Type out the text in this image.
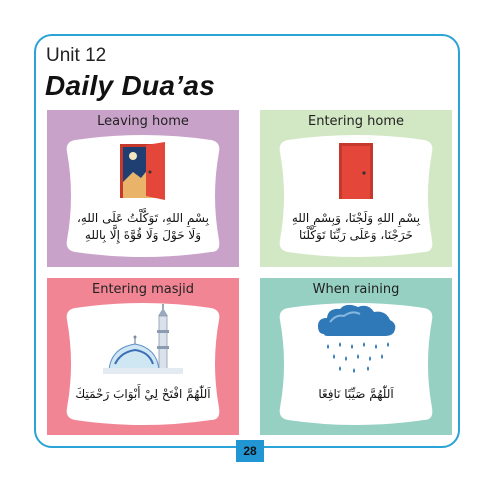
Unit 12
Daily Dua’as
Leaving home
بِسْمِ اللهِ، تَوَكَّلْتُ عَلَى اللهِ،
وَلَا حَوْلَ وَلَا قُوَّةَ إِلَّا بِاللهِ
Entering home
بِسْمِ اللهِ وَلَجْنَا، وَبِسْمِ اللهِ
خَرَجْنَا، وَعَلَى رَبِّنَا تَوَكَّلْنَا
Entering masjid
اَللّٰهُمَّ افْتَحْ لِيْ أَبْوَابَ رَحْمَتِكَ
When raining
اَللّٰهُمَّ صَيِّبًا نَافِعًا
28
